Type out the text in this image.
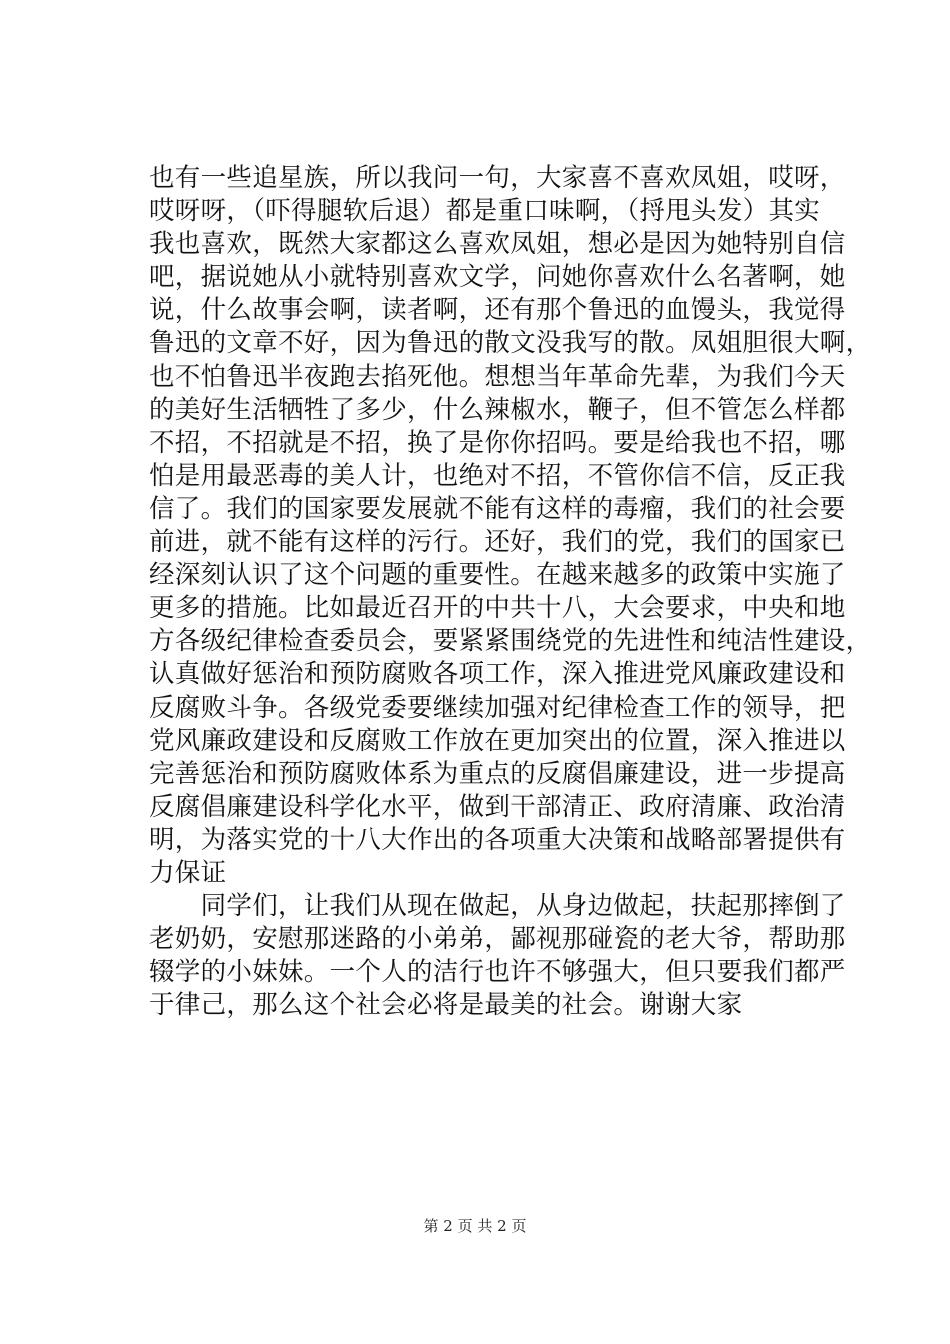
也有一些追星族，所以我问一句，大家喜不喜欢凤姐，哎呀，
哎呀呀，（吓得腿软后退）都是重口味啊，（捋甩头发）其实
我也喜欢，既然大家都这么喜欢凤姐，想必是因为她特别自信
吧，据说她从小就特别喜欢文学，问她你喜欢什么名著啊，她
说，什么故事会啊，读者啊，还有那个鲁迅的血馒头，我觉得
鲁迅的文章不好，因为鲁迅的散文没我写的散。凤姐胆很大啊，
也不怕鲁迅半夜跑去掐死他。想想当年革命先辈，为我们今天
的美好生活牺牲了多少，什么辣椒水，鞭子，但不管怎么样都
不招，不招就是不招，换了是你你招吗。要是给我也不招，哪
怕是用最恶毒的美人计，也绝对不招，不管你信不信，反正我
信了。我们的国家要发展就不能有这样的毒瘤，我们的社会要
前进，就不能有这样的污行。还好，我们的党，我们的国家已
经深刻认识了这个问题的重要性。在越来越多的政策中实施了
更多的措施。比如最近召开的中共十八，大会要求，中央和地
方各级纪律检查委员会，要紧紧围绕党的先进性和纯洁性建设，
认真做好惩治和预防腐败各项工作，深入推进党风廉政建设和
反腐败斗争。各级党委要继续加强对纪律检查工作的领导，把
党风廉政建设和反腐败工作放在更加突出的位置，深入推进以
完善惩治和预防腐败体系为重点的反腐倡廉建设，进一步提高
反腐倡廉建设科学化水平，做到干部清正、政府清廉、政治清
明，为落实党的十八大作出的各项重大决策和战略部署提供有
力保证
　　同学们，让我们从现在做起，从身边做起，扶起那摔倒了
老奶奶，安慰那迷路的小弟弟，鄙视那碰瓷的老大爷，帮助那
辍学的小妹妹。一个人的洁行也许不够强大，但只要我们都严
于律己，那么这个社会必将是最美的社会。谢谢大家
第 2 页 共 2 页
